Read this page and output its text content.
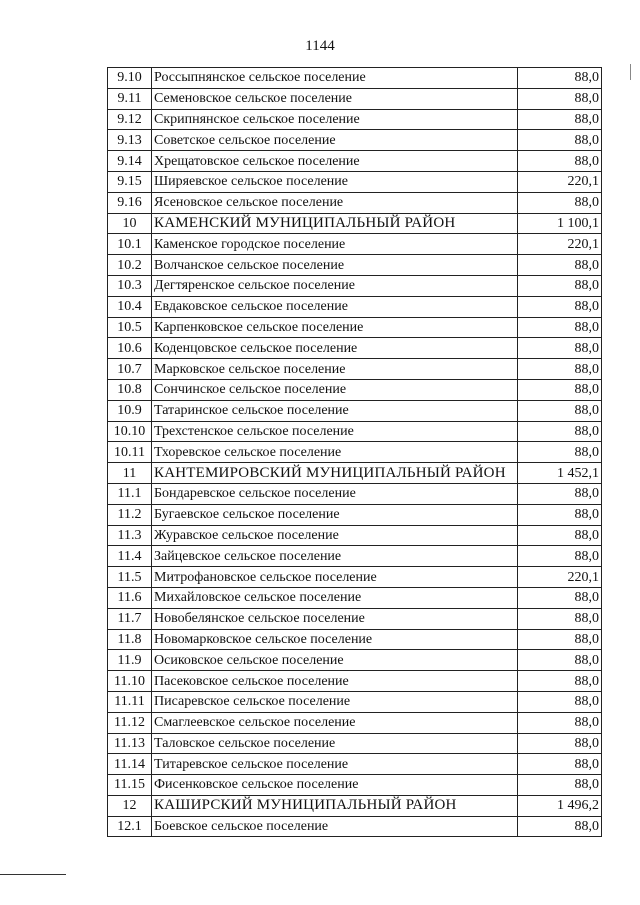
1144
9.10	Россыпнянское сельское поселение	88,0
9.11	Семеновское сельское поселение	88,0
9.12	Скрипнянское сельское поселение	88,0
9.13	Советское сельское поселение	88,0
9.14	Хрещатовское сельское поселение	88,0
9.15	Ширяевское сельское поселение	220,1
9.16	Ясеновское сельское поселение	88,0
10	КАМЕНСКИЙ МУНИЦИПАЛЬНЫЙ РАЙОН	1 100,1
10.1	Каменское городское поселение	220,1
10.2	Волчанское сельское поселение	88,0
10.3	Дегтяренское сельское поселение	88,0
10.4	Евдаковское сельское поселение	88,0
10.5	Карпенковское сельское поселение	88,0
10.6	Коденцовское сельское поселение	88,0
10.7	Марковское сельское поселение	88,0
10.8	Сончинское сельское поселение	88,0
10.9	Татаринское сельское поселение	88,0
10.10	Трехстенское сельское поселение	88,0
10.11	Тхоревское сельское поселение	88,0
11	КАНТЕМИРОВСКИЙ МУНИЦИПАЛЬНЫЙ РАЙОН	1 452,1
11.1	Бондаревское сельское поселение	88,0
11.2	Бугаевское сельское поселение	88,0
11.3	Журавское сельское поселение	88,0
11.4	Зайцевское сельское поселение	88,0
11.5	Митрофановское сельское поселение	220,1
11.6	Михайловское сельское поселение	88,0
11.7	Новобелянское сельское поселение	88,0
11.8	Новомарковское сельское поселение	88,0
11.9	Осиковское сельское поселение	88,0
11.10	Пасековское сельское поселение	88,0
11.11	Писаревское сельское поселение	88,0
11.12	Смаглеевское сельское поселение	88,0
11.13	Таловское сельское поселение	88,0
11.14	Титаревское сельское поселение	88,0
11.15	Фисенковское сельское поселение	88,0
12	КАШИРСКИЙ МУНИЦИПАЛЬНЫЙ РАЙОН	1 496,2
12.1	Боевское сельское поселение	88,0
